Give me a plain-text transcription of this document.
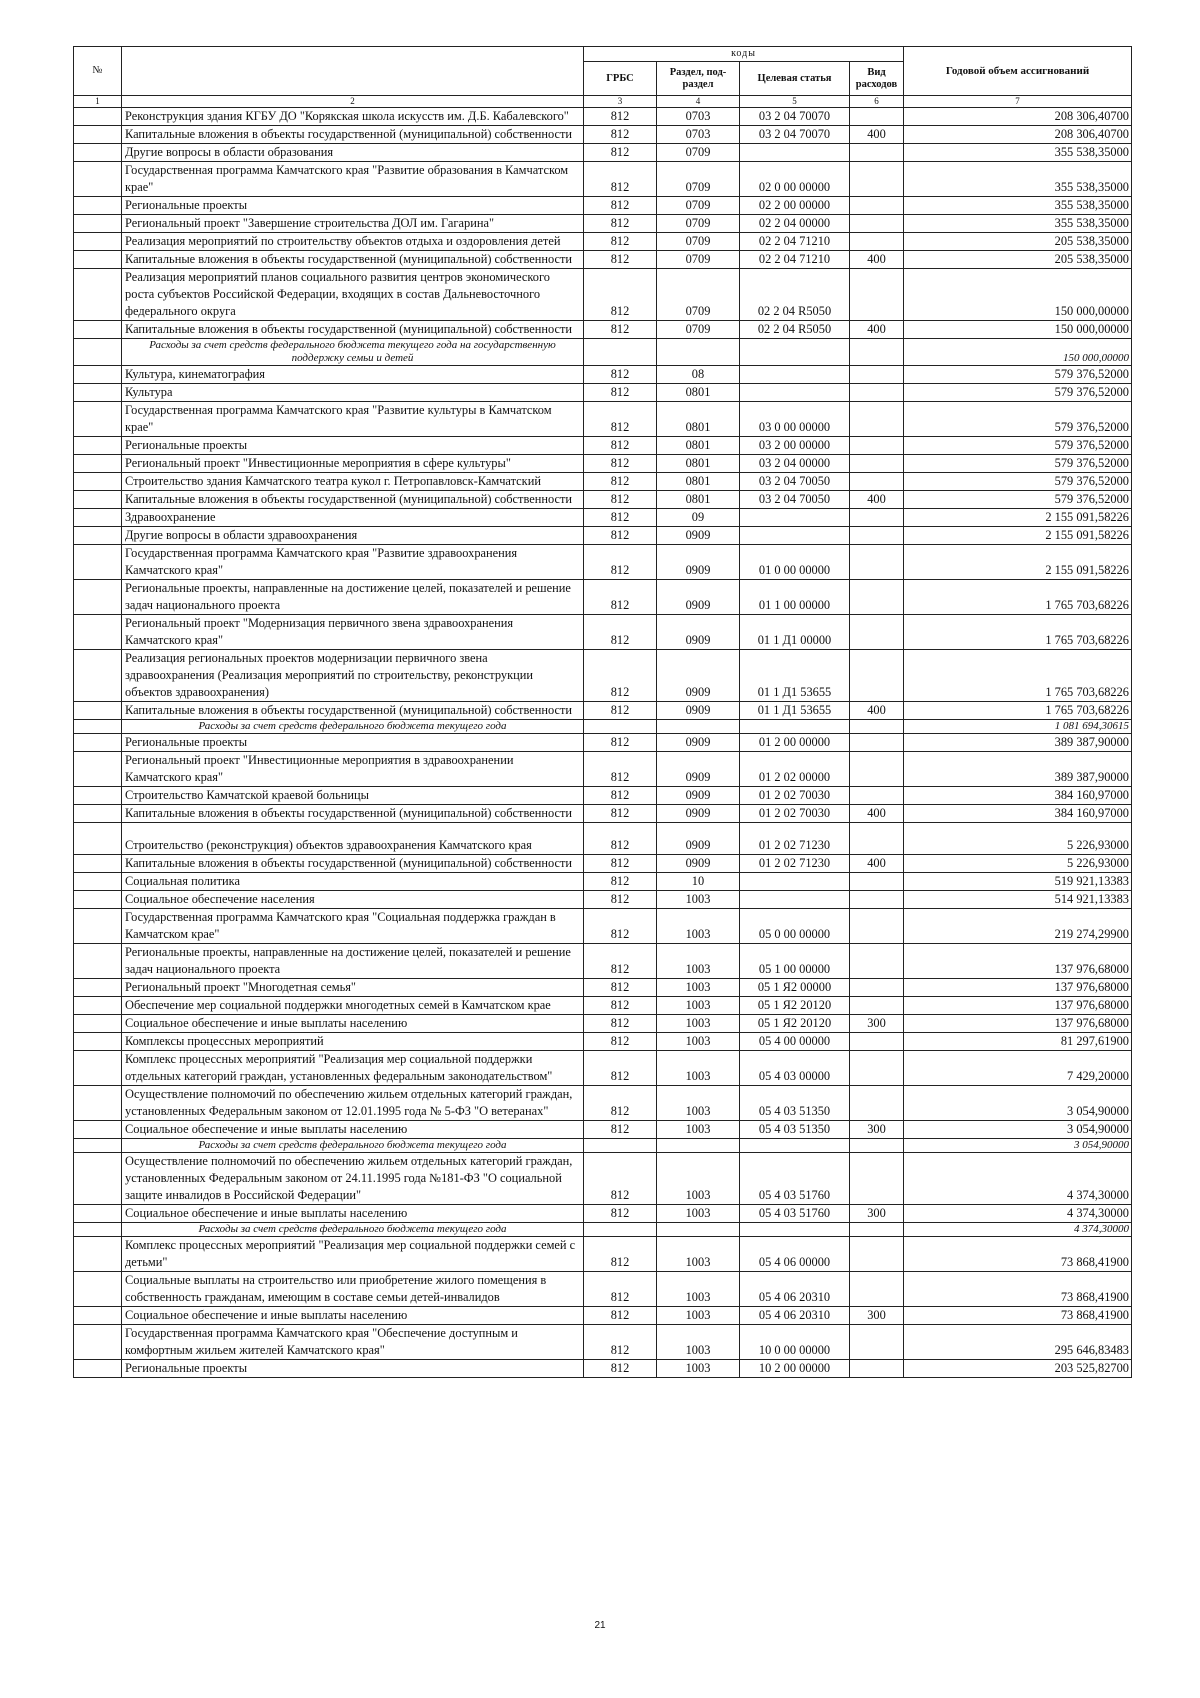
№		коды				Годовой объем ассигнований
		ГРБС	Раздел, под-раздел	Целевая статья	Вид расходов	
1	2	3	4	5	6	7
	Реконструкция здания КГБУ ДО "Корякская школа искусств им. Д.Б. Кабалевского"	812	0703	03 2 04 70070		208 306,40700
	Капитальные вложения в объекты государственной (муниципальной) собственности	812	0703	03 2 04 70070	400	208 306,40700
	Другие вопросы в области образования	812	0709			355 538,35000
	Государственная программа Камчатского края "Развитие образования в Камчатском крае"	812	0709	02 0 00 00000		355 538,35000
	Региональные проекты	812	0709	02 2 00 00000		355 538,35000
	Региональный проект "Завершение строительства ДОЛ им. Гагарина"	812	0709	02 2 04 00000		355 538,35000
	Реализация мероприятий по строительству объектов отдыха и оздоровления детей	812	0709	02 2 04 71210		205 538,35000
	Капитальные вложения в объекты государственной (муниципальной) собственности	812	0709	02 2 04 71210	400	205 538,35000
	Реализация мероприятий планов социального развития центров экономического роста субъектов Российской Федерации, входящих в состав Дальневосточного федерального округа	812	0709	02 2 04 R5050		150 000,00000
	Капитальные вложения в объекты государственной (муниципальной) собственности	812	0709	02 2 04 R5050	400	150 000,00000
	Расходы за счет средств федерального бюджета текущего года на государственную поддержку семьи и детей					150 000,00000
	Культура, кинематография	812	08			579 376,52000
	Культура	812	0801			579 376,52000
	Государственная программа Камчатского края "Развитие культуры в Камчатском крае"	812	0801	03 0 00 00000		579 376,52000
	Региональные проекты	812	0801	03 2 00 00000		579 376,52000
	Региональный проект "Инвестиционные мероприятия в сфере культуры"	812	0801	03 2 04 00000		579 376,52000
	Строительство здания Камчатского театра кукол г. Петропавловск-Камчатский	812	0801	03 2 04 70050		579 376,52000
	Капитальные вложения в объекты государственной (муниципальной) собственности	812	0801	03 2 04 70050	400	579 376,52000
	Здравоохранение	812	09			2 155 091,58226
	Другие вопросы в области здравоохранения	812	0909			2 155 091,58226
	Государственная программа Камчатского края "Развитие здравоохранения Камчатского края"	812	0909	01 0 00 00000		2 155 091,58226
	Региональные проекты, направленные на достижение целей, показателей и решение задач национального проекта	812	0909	01 1 00 00000		1 765 703,68226
	Региональный проект "Модернизация первичного звена здравоохранения Камчатского края"	812	0909	01 1 Д1 00000		1 765 703,68226
	Реализация региональных проектов модернизации первичного звена здравоохранения (Реализация мероприятий по строительству, реконструкции объектов здравоохранения)	812	0909	01 1 Д1 53655		1 765 703,68226
	Капитальные вложения в объекты государственной (муниципальной) собственности	812	0909	01 1 Д1 53655	400	1 765 703,68226
	Расходы за счет средств федерального бюджета текущего года					1 081 694,30615
	Региональные проекты	812	0909	01 2 00 00000		389 387,90000
	Региональный проект "Инвестиционные мероприятия в здравоохранении Камчатского края"	812	0909	01 2 02 00000		389 387,90000
	Строительство Камчатской краевой больницы	812	0909	01 2 02 70030		384 160,97000
	Капитальные вложения в объекты государственной (муниципальной) собственности	812	0909	01 2 02 70030	400	384 160,97000
	Строительство (реконструкция) объектов здравоохранения Камчатского края	812	0909	01 2 02 71230		5 226,93000
	Капитальные вложения в объекты государственной (муниципальной) собственности	812	0909	01 2 02 71230	400	5 226,93000
	Социальная политика	812	10			519 921,13383
	Социальное обеспечение населения	812	1003			514 921,13383
	Государственная программа Камчатского края "Социальная поддержка граждан в Камчатском крае"	812	1003	05 0 00 00000		219 274,29900
	Региональные проекты, направленные на достижение целей, показателей и решение задач национального проекта	812	1003	05 1 00 00000		137 976,68000
	Региональный проект "Многодетная семья"	812	1003	05 1 Я2 00000		137 976,68000
	Обеспечение мер социальной поддержки многодетных семей в Камчатском крае	812	1003	05 1 Я2 20120		137 976,68000
	Социальное обеспечение и иные выплаты населению	812	1003	05 1 Я2 20120	300	137 976,68000
	Комплексы процессных мероприятий	812	1003	05 4 00 00000		81 297,61900
	Комплекс процессных мероприятий "Реализация мер социальной поддержки отдельных категорий граждан, установленных федеральным законодательством"	812	1003	05 4 03 00000		7 429,20000
	Осуществление полномочий по обеспечению жильем отдельных категорий граждан, установленных Федеральным законом от 12.01.1995 года № 5-ФЗ "О ветеранах"	812	1003	05 4 03 51350		3 054,90000
	Социальное обеспечение и иные выплаты населению	812	1003	05 4 03 51350	300	3 054,90000
	Расходы за счет средств федерального бюджета текущего года					3 054,90000
	Осуществление полномочий по обеспечению жильем отдельных категорий граждан, установленных Федеральным законом от 24.11.1995 года №181-ФЗ "О социальной защите инвалидов в Российской Федерации"	812	1003	05 4 03 51760		4 374,30000
	Социальное обеспечение и иные выплаты населению	812	1003	05 4 03 51760	300	4 374,30000
	Расходы за счет средств федерального бюджета текущего года					4 374,30000
	Комплекс процессных мероприятий "Реализация мер социальной поддержки семей с детьми"	812	1003	05 4 06 00000		73 868,41900
	Социальные выплаты на строительство или приобретение жилого помещения в собственность гражданам, имеющим в составе семьи детей-инвалидов	812	1003	05 4 06 20310		73 868,41900
	Социальное обеспечение и иные выплаты населению	812	1003	05 4 06 20310	300	73 868,41900
	Государственная программа Камчатского края "Обеспечение доступным и комфортным жильем жителей Камчатского края"	812	1003	10 0 00 00000		295 646,83483
	Региональные проекты	812	1003	10 2 00 00000		203 525,82700
21
